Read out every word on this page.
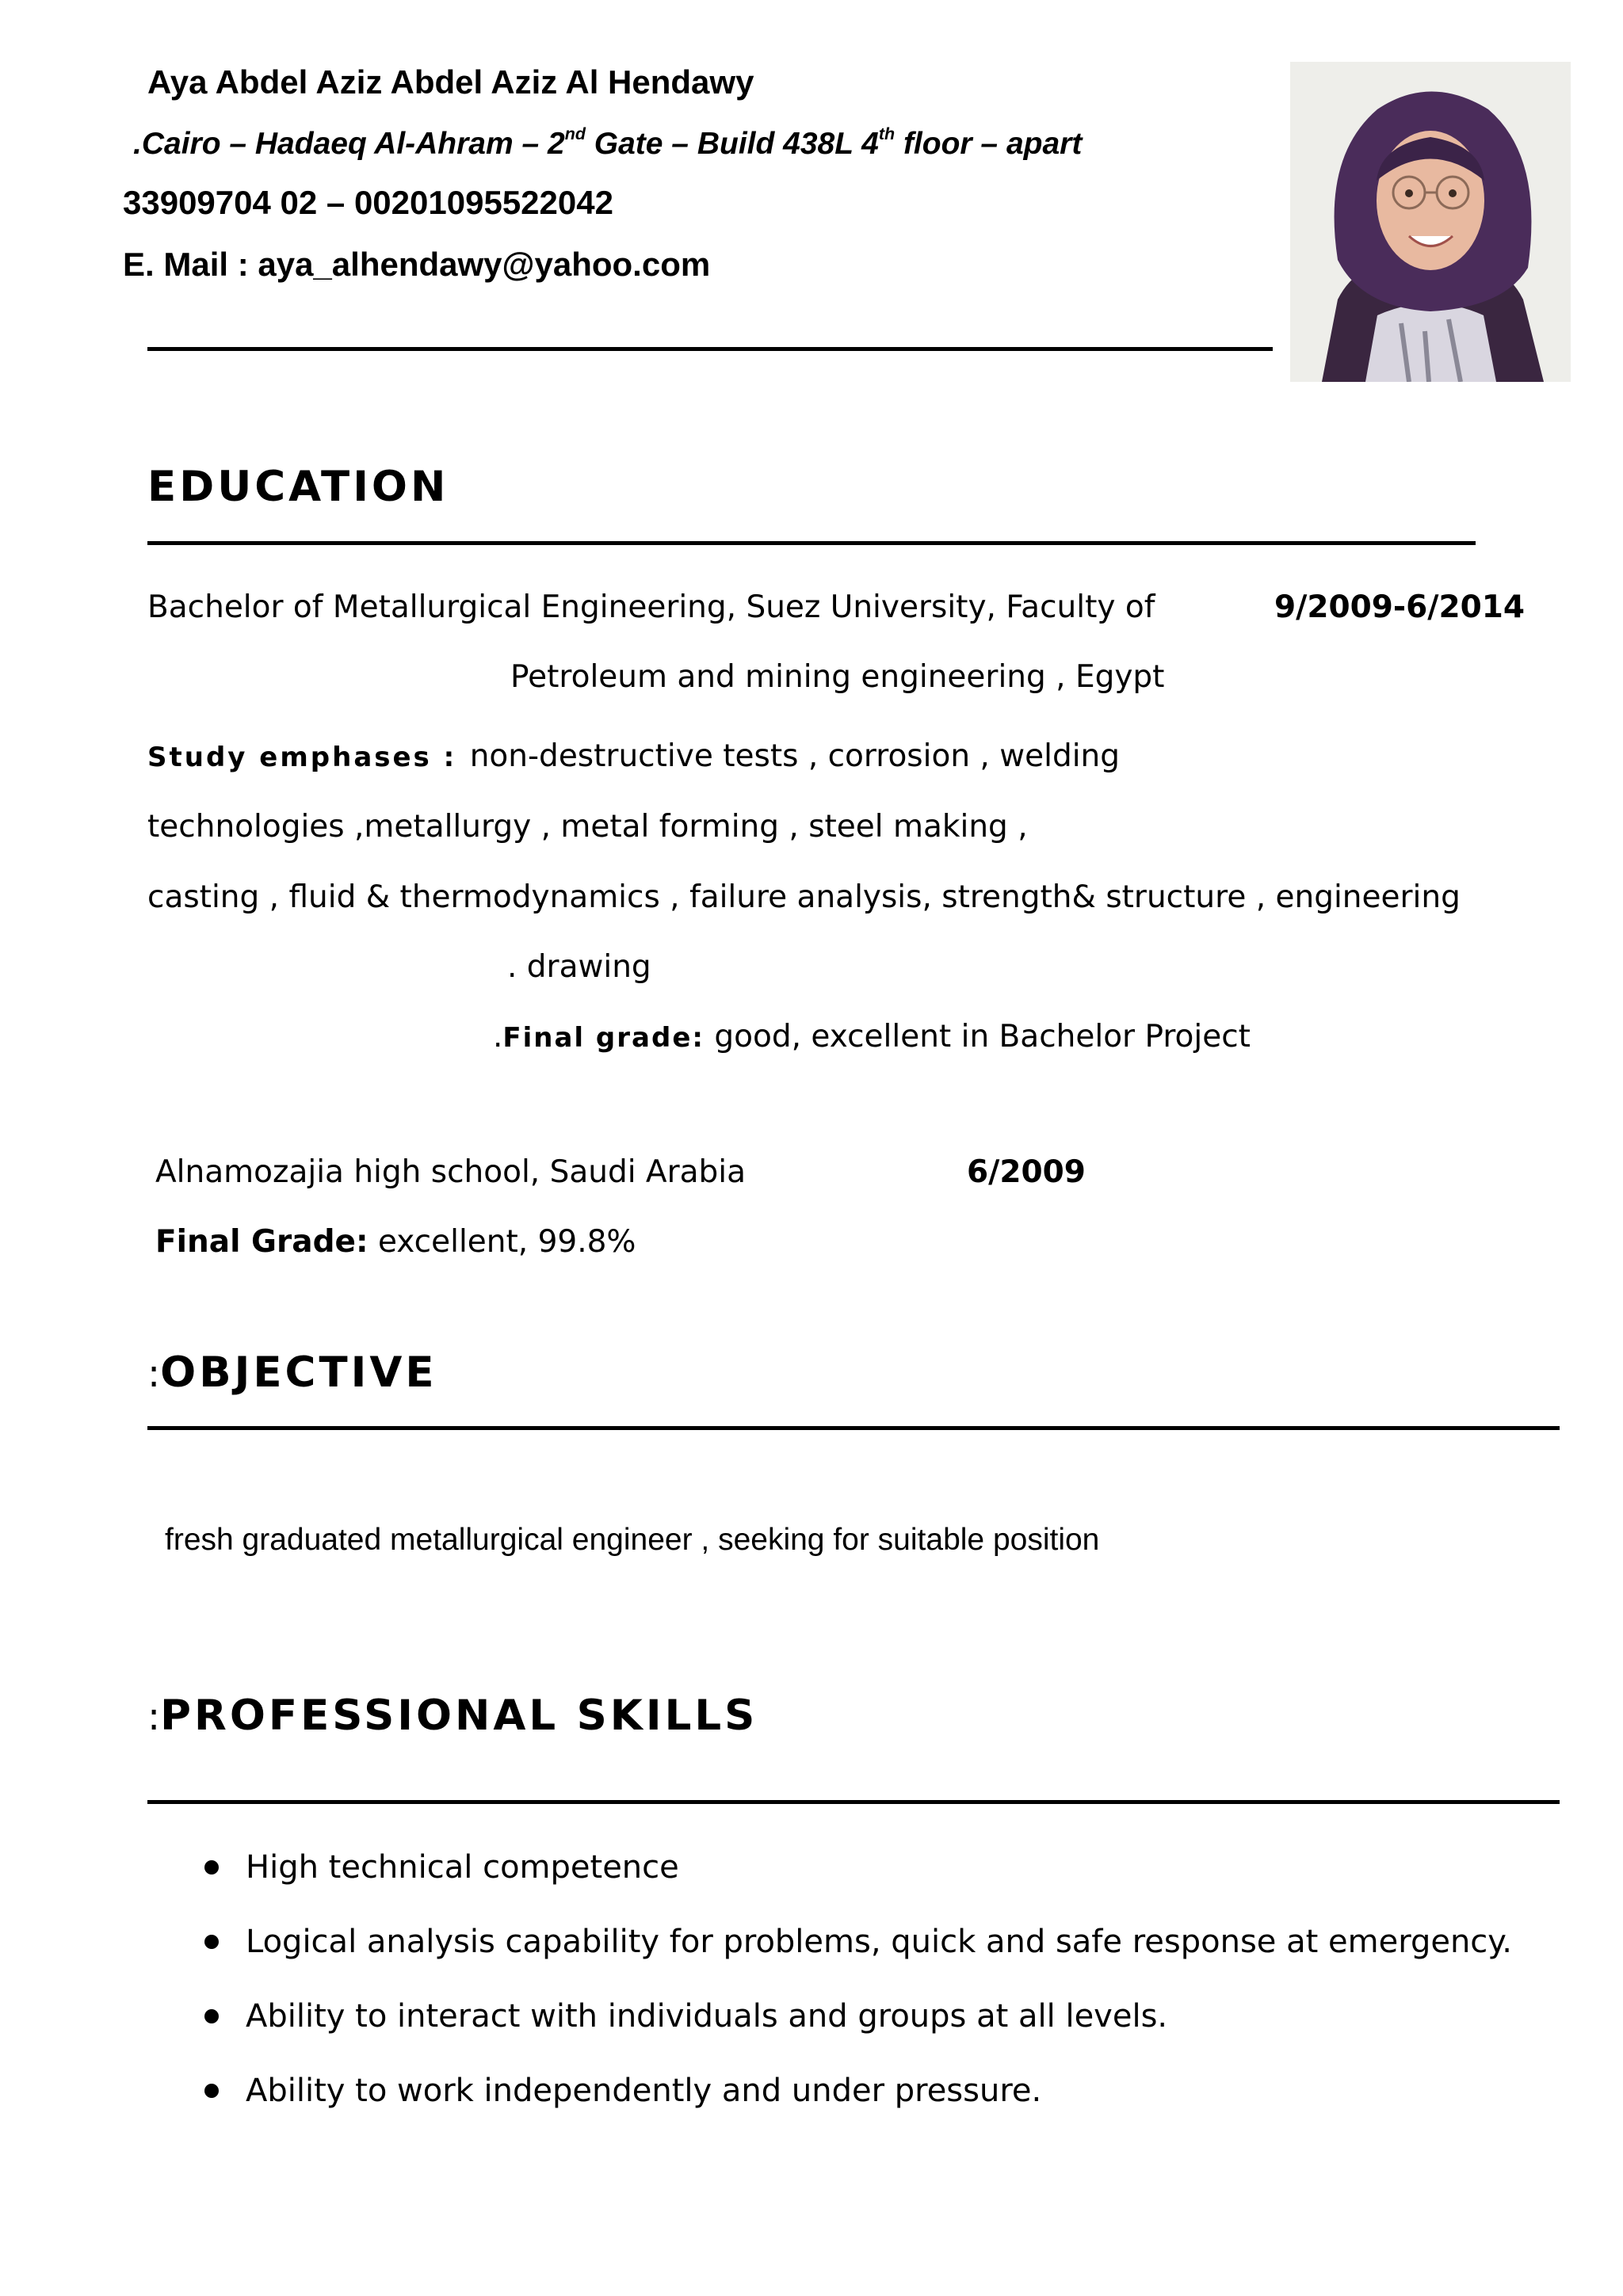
Aya Abdel Aziz Abdel Aziz Al Hendawy
.Cairo – Hadaeq Al-Ahram – 2nd Gate – Build 438L 4th floor – apart
33909704 02 – 00201095522042
E. Mail : aya_alhendawy@yahoo.com
EDUCATION
Bachelor of Metallurgical Engineering, Suez University, Faculty of	9/2009-6/2014
Petroleum and mining engineering , Egypt
Study emphases : non-destructive tests , corrosion , welding
technologies ,metallurgy , metal forming , steel making ,
casting , fluid & thermodynamics , failure analysis, strength& structure , engineering
. drawing
.Final grade: good, excellent in Bachelor Project
Alnamozajia high school, Saudi Arabia	6/2009
Final Grade: excellent, 99.8%
:OBJECTIVE
fresh graduated metallurgical engineer , seeking for suitable position
:PROFESSIONAL SKILLS
High technical competence
Logical analysis capability for problems, quick and safe response at emergency.
Ability to interact with individuals and groups at all levels.
Ability to work independently and under pressure.
